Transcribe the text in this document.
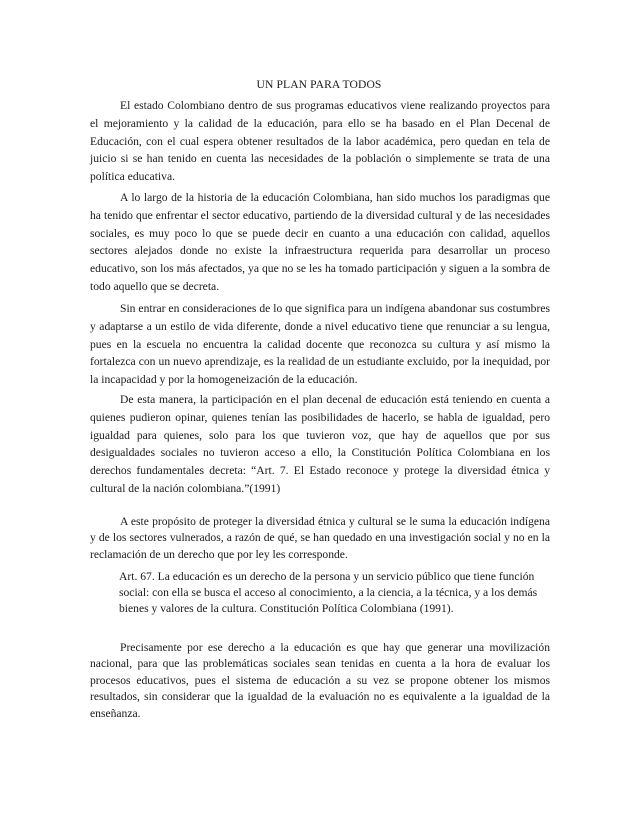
UN PLAN PARA TODOS

El estado Colombiano dentro de sus programas educativos viene realizando proyectos para el mejoramiento y la calidad de la educación, para ello se ha basado en el Plan Decenal de Educación, con el cual espera obtener resultados de la labor académica, pero quedan en tela de juicio si se han tenido en cuenta las necesidades de la población o simplemente se trata de una política educativa.

A lo largo de la historia de la educación Colombiana, han sido muchos los paradigmas que ha tenido que enfrentar el sector educativo, partiendo de la diversidad cultural y de las necesidades sociales, es muy poco lo que se puede decir en cuanto a una educación con calidad, aquellos sectores alejados donde no existe la infraestructura requerida para desarrollar un proceso educativo, son los más afectados, ya que no se les ha tomado participación y siguen a la sombra de todo aquello que se decreta.

Sin entrar en consideraciones de lo que significa para un indígena abandonar sus costumbres y adaptarse a un estilo de vida diferente, donde a nivel educativo tiene que renunciar a su lengua, pues en la escuela no encuentra la calidad docente que reconozca su cultura y así mismo la fortalezca con un nuevo aprendizaje, es la realidad de un estudiante excluido, por la inequidad, por la incapacidad y por la homogeneización de la educación.

De esta manera, la participación en el plan decenal de educación está teniendo en cuenta a quienes pudieron opinar, quienes tenían las posibilidades de hacerlo, se habla de igualdad, pero igualdad para quienes, solo para los que tuvieron voz, que hay de aquellos que por sus desigualdades sociales no tuvieron acceso a ello, la Constitución Política Colombiana en los derechos fundamentales decreta: “Art. 7. El Estado reconoce y protege la diversidad étnica y cultural de la nación colombiana.”(1991)

A este propósito de proteger la diversidad étnica y cultural se le suma la educación indígena y de los sectores vulnerados, a razón de qué, se han quedado en una investigación social y no en la reclamación de un derecho que por ley les corresponde.

Art. 67. La educación es un derecho de la persona y un servicio público que tiene función social: con ella se busca el acceso al conocimiento, a la ciencia, a la técnica, y a los demás bienes y valores de la cultura. Constitución Política Colombiana (1991).

Precisamente por ese derecho a la educación es que hay que generar una movilización nacional, para que las problemáticas sociales sean tenidas en cuenta a la hora de evaluar los procesos educativos, pues el sistema de educación a su vez se propone obtener los mismos resultados, sin considerar que la igualdad de la evaluación no es equivalente a la igualdad de la enseñanza.
